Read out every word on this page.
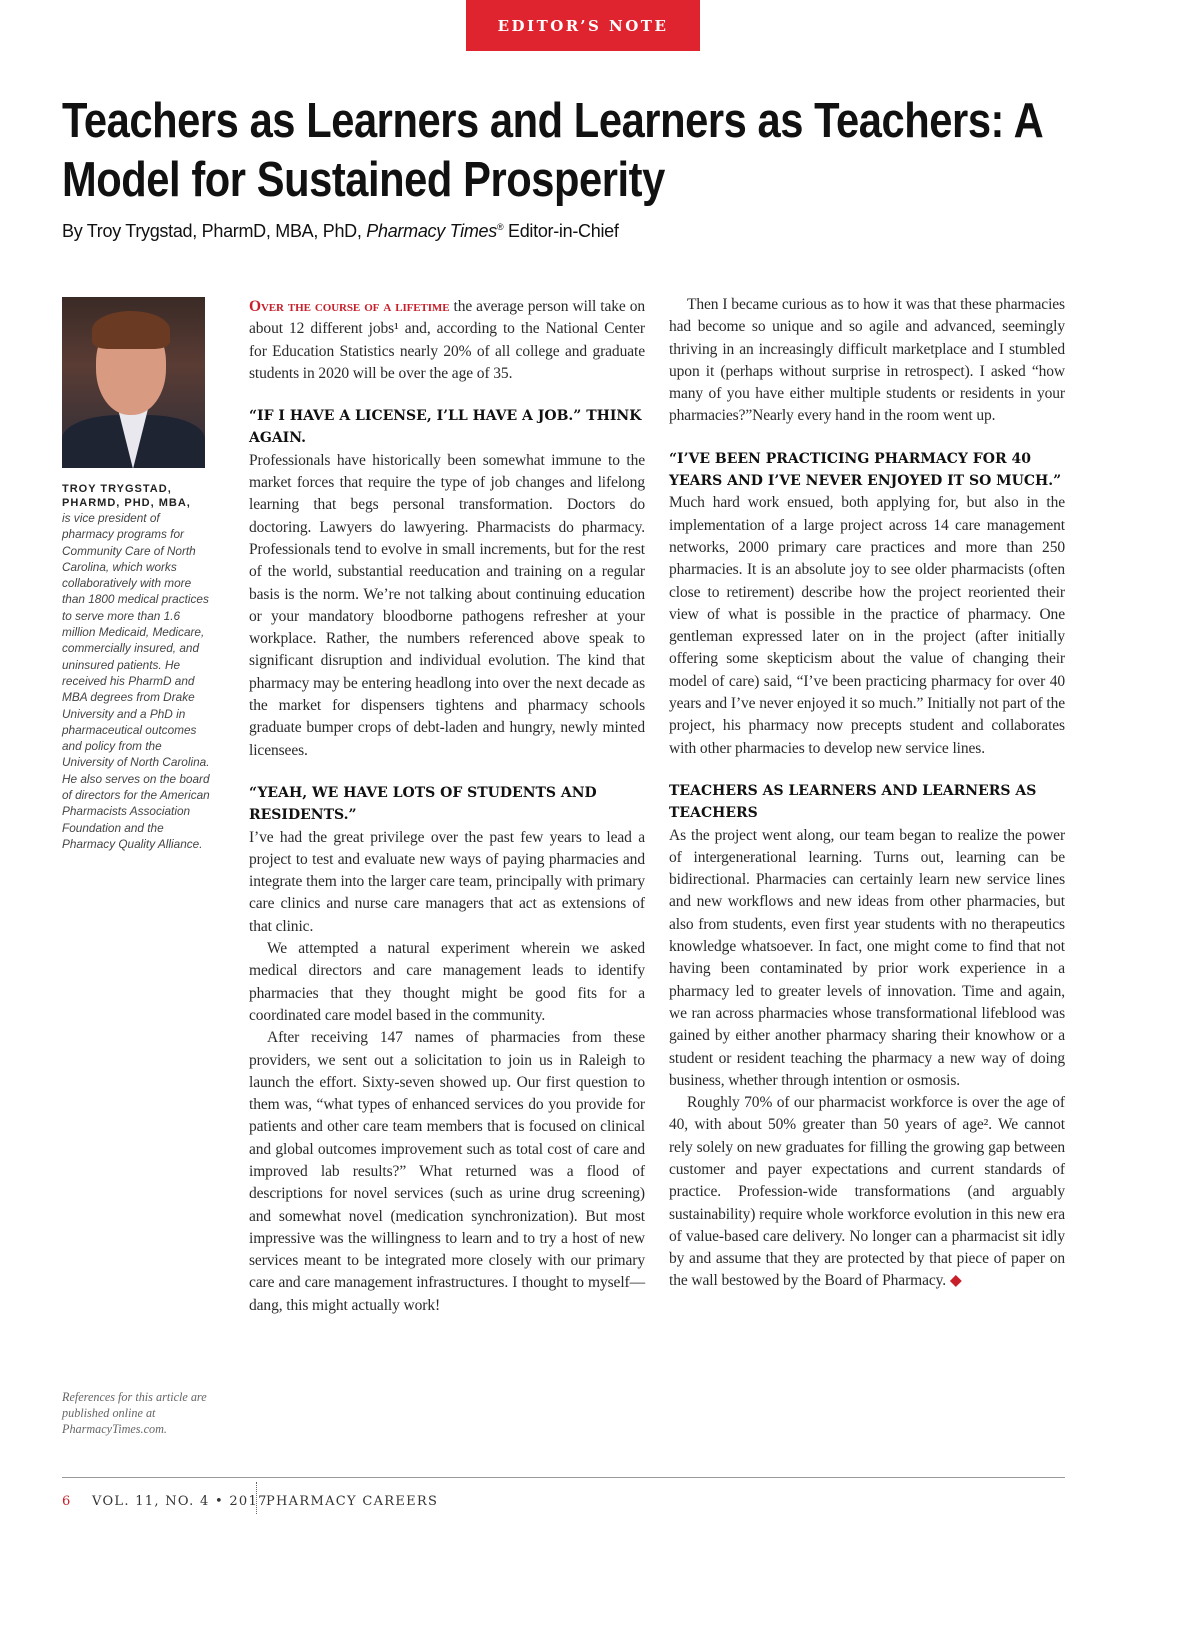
EDITOR’S NOTE
Teachers as Learners and Learners as Teachers: A Model for Sustained Prosperity
By Troy Trygstad, PharmD, MBA, PhD, Pharmacy Times® Editor-in-Chief
TROY TRYGSTAD, PHARMD, PHD, MBA,
is vice president of pharmacy programs for Community Care of North Carolina, which works collaboratively with more than 1800 medical practices to serve more than 1.6 million Medicaid, Medicare, commercially insured, and uninsured patients. He received his PharmD and MBA degrees from Drake University and a PhD in pharmaceutical outcomes and policy from the University of North Carolina. He also serves on the board of directors for the American Pharmacists Association Foundation and the Pharmacy Quality Alliance.
References for this article are published online at PharmacyTimes.com.

Over the course of a lifetime the average person will take on about 12 different jobs¹ and, according to the National Center for Education Statistics nearly 20% of all college and graduate students in 2020 will be over the age of 35.

“IF I HAVE A LICENSE, I’LL HAVE A JOB.” THINK AGAIN.

Professionals have historically been somewhat immune to the market forces that require the type of job changes and lifelong learning that begs personal transformation. Doctors do doctoring. Lawyers do lawyering. Pharmacists do pharmacy. Professionals tend to evolve in small increments, but for the rest of the world, substantial reeducation and training on a regular basis is the norm. We’re not talking about continuing education or your mandatory bloodborne pathogens refresher at your workplace. Rather, the numbers referenced above speak to significant disruption and individual evolution. The kind that pharmacy may be entering headlong into over the next decade as the market for dispensers tightens and pharmacy schools graduate bumper crops of debt-laden and hungry, newly minted licensees.

“YEAH, WE HAVE LOTS OF STUDENTS AND RESIDENTS.”

I’ve had the great privilege over the past few years to lead a project to test and evaluate new ways of paying pharmacies and integrate them into the larger care team, principally with primary care clinics and nurse care managers that act as extensions of that clinic.

We attempted a natural experiment wherein we asked medical directors and care management leads to identify pharmacies that they thought might be good fits for a coordinated care model based in the community.

After receiving 147 names of pharmacies from these providers, we sent out a solicitation to join us in Raleigh to launch the effort. Sixty-seven showed up. Our first question to them was, “what types of enhanced services do you provide for patients and other care team members that is focused on clinical and global outcomes improvement such as total cost of care and improved lab results?” What returned was a flood of descriptions for novel services (such as urine drug screening) and somewhat novel (medication synchronization). But most impressive was the willingness to learn and to try a host of new services meant to be integrated more closely with our primary care and care management infrastructures. I thought to myself—dang, this might actually work!

Then I became curious as to how it was that these pharmacies had become so unique and so agile and advanced, seemingly thriving in an increasingly difficult marketplace and I stumbled upon it (perhaps without surprise in retrospect). I asked “how many of you have either multiple students or residents in your pharmacies?”Nearly every hand in the room went up.

“I’VE BEEN PRACTICING PHARMACY FOR 40 YEARS AND I’VE NEVER ENJOYED IT SO MUCH.”

Much hard work ensued, both applying for, but also in the implementation of a large project across 14 care management networks, 2000 primary care practices and more than 250 pharmacies. It is an absolute joy to see older pharmacists (often close to retirement) describe how the project reoriented their view of what is possible in the practice of pharmacy. One gentleman expressed later on in the project (after initially offering some skepticism about the value of changing their model of care) said, “I’ve been practicing pharmacy for over 40 years and I’ve never enjoyed it so much.” Initially not part of the project, his pharmacy now precepts student and collaborates with other pharmacies to develop new service lines.

TEACHERS AS LEARNERS AND LEARNERS AS TEACHERS

As the project went along, our team began to realize the power of intergenerational learning. Turns out, learning can be bidirectional. Pharmacies can certainly learn new service lines and new workflows and new ideas from other pharmacies, but also from students, even first year students with no therapeutics knowledge whatsoever. In fact, one might come to find that not having been contaminated by prior work experience in a pharmacy led to greater levels of innovation. Time and again, we ran across pharmacies whose transformational lifeblood was gained by either another pharmacy sharing their knowhow or a student or resident teaching the pharmacy a new way of doing business, whether through intention or osmosis.

Roughly 70% of our pharmacist workforce is over the age of 40, with about 50% greater than 50 years of age². We cannot rely solely on new graduates for filling the growing gap between customer and payer expectations and current standards of practice. Profession-wide transformations (and arguably sustainability) require whole workforce evolution in this new era of value-based care delivery. No longer can a pharmacist sit idly by and assume that they are protected by that piece of paper on the wall bestowed by the Board of Pharmacy. ◆

6 VOL. 11, NO. 4 • 2017
PHARMACY CAREERS
